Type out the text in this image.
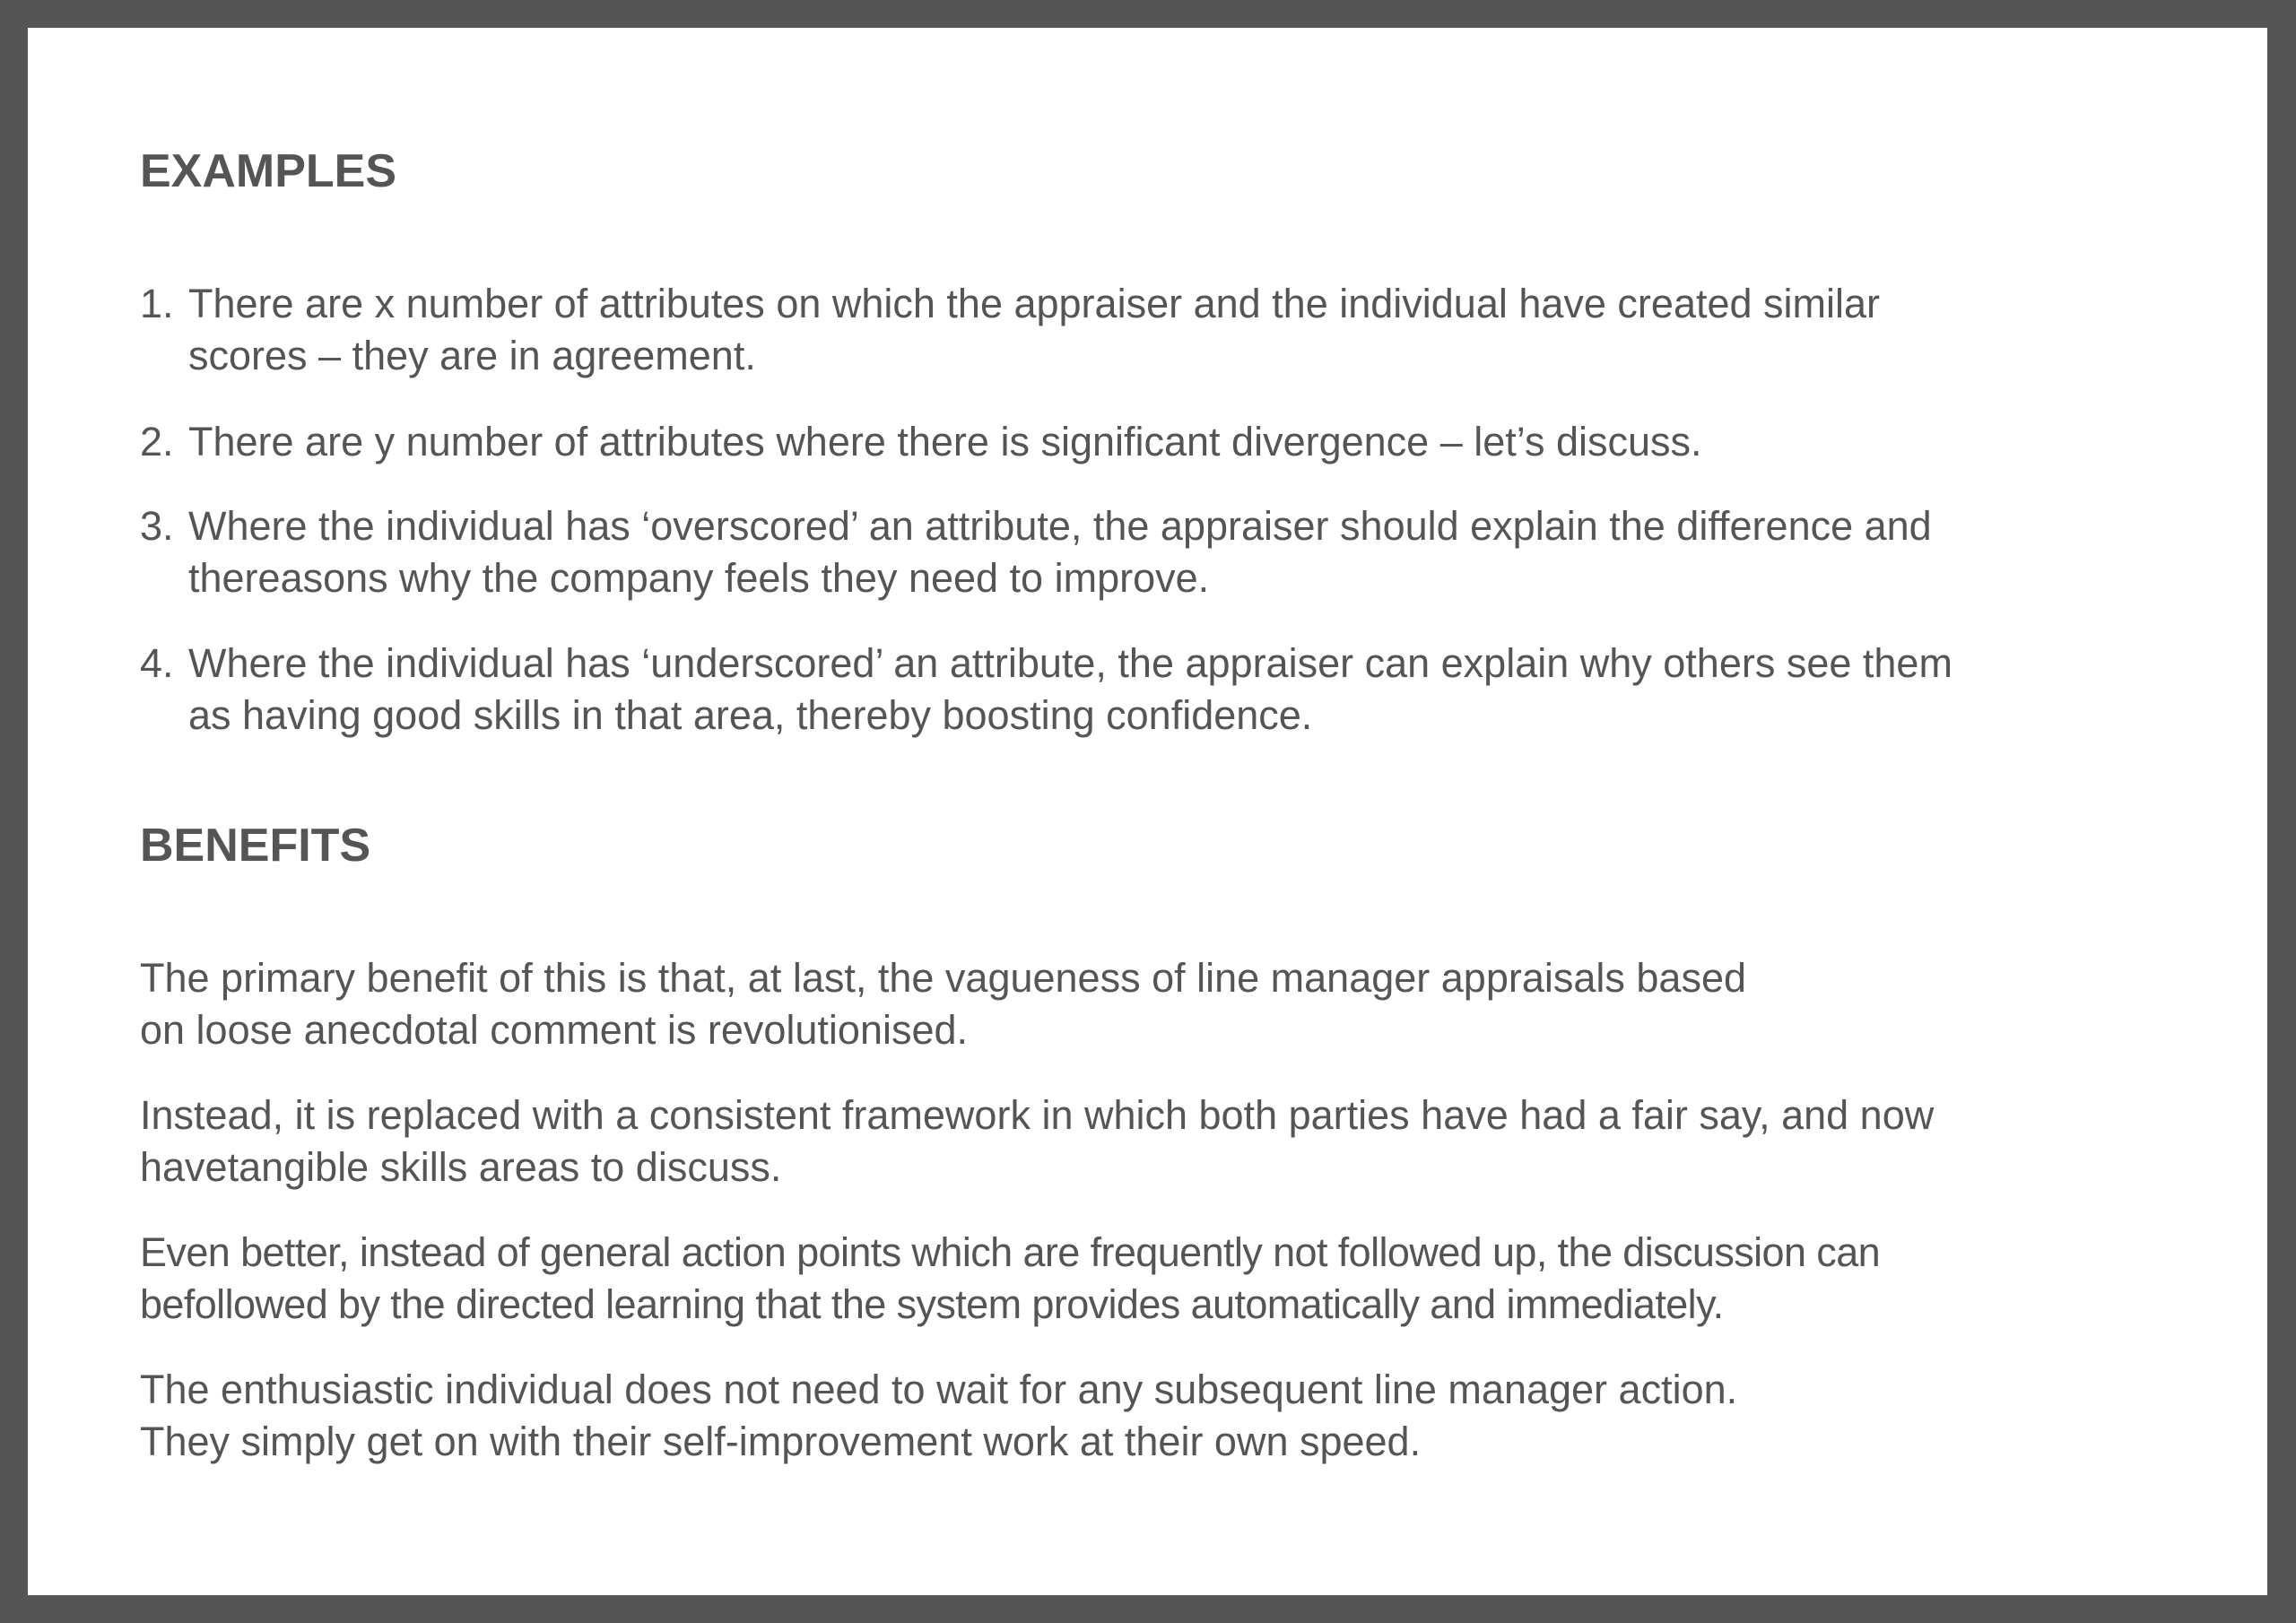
EXAMPLES
1. There are x number of attributes on which the appraiser and the individual have created similar
scores – they are in agreement.
2. There are y number of attributes where there is significant divergence – let’s discuss.
3. Where the individual has ‘overscored’ an attribute, the appraiser should explain the difference and
thereasons why the company feels they need to improve.
4. Where the individual has ‘underscored’ an attribute, the appraiser can explain why others see them
as having good skills in that area, thereby boosting confidence.
BENEFITS

The primary benefit of this is that, at last, the vagueness of line manager appraisals based
on loose anecdotal comment is revolutionised.

Instead, it is replaced with a consistent framework in which both parties have had a fair say, and now
havetangible skills areas to discuss.

Even better, instead of general action points which are frequently not followed up, the discussion can
befollowed by the directed learning that the system provides automatically and immediately.

The enthusiastic individual does not need to wait for any subsequent line manager action.
They simply get on with their self-improvement work at their own speed.
